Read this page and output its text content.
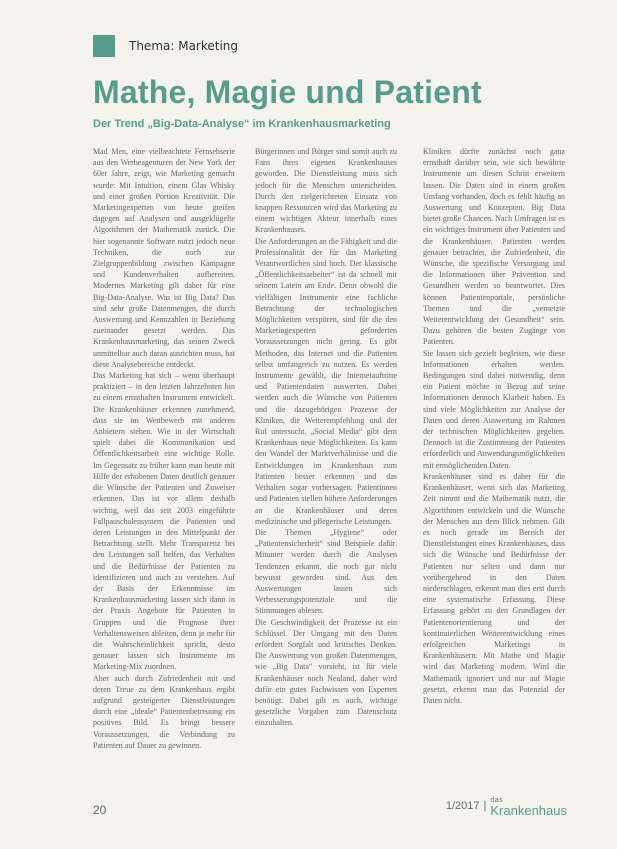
Thema: Marketing
Mathe, Magie und Patient
Der Trend „Big-Data-Analyse“ im Krankenhausmarketing

Mad Men, eine vielbeachtete Fernsehserie aus den Werbeagenturen der New York der 60er Jahre, zeigt, wie Marketing gemacht wurde: Mit Intuition, einem Glas Whisky und einer großen Portion Kreativität. Die Marketingexperten von heute greifen dagegen auf Analysen und ausgeklügelte Algorithmen der Mathematik zurück. Die hier sogenannte Software nutzt jedoch neue Techniken, die noch zur Zielgruppenbildung zwischen Kampagne und Kundenverhalten aufbereiten. Modernes Marketing gilt daher für eine Big-Data-Analyse. Was ist Big Data? Das sind sehr große Datenmengen, die durch Auswertung und Kennzahlen in Beziehung zueinander gesetzt werden. Das Krankenhausmarketing, das seinen Zweck unmittelbar auch daran ausrichten muss, hat diese Analysebereiche entdeckt.

Das Marketing hat sich – wenn überhaupt praktiziert – in den letzten Jahrzehnten hin zu einem ernsthaften Instrument entwickelt. Die Krankenhäuser erkennen zunehmend, dass sie im Wettbewerb mit anderen Anbietern stehen. Wie in der Wirtschaft spielt dabei die Kommunikation und Öffentlichkeitsarbeit eine wichtige Rolle. Im Gegensatz zu früher kann man heute mit Hilfe der erhobenen Daten deutlich genauer die Wünsche der Patienten und Zuweiser erkennen. Das ist vor allem deshalb wichtig, weil das seit 2003 eingeführte Fallpauschalensystem die Patienten und deren Leistungen in den Mittelpunkt der Betrachtung stellt. Mehr Transparenz bei den Leistungen soll helfen, das Verhalten und die Bedürfnisse der Patienten zu identifizieren und auch zu verstehen. Auf der Basis der Erkenntnisse im Krankenhausmarketing lassen sich dann in der Praxis Angebote für Patienten in Gruppen und die Prognose ihrer Verhaltensweisen ableiten, denn je mehr für die Wahrscheinlichkeit spricht, desto genauer lassen sich Instrumente im Marketing-Mix zuordnen.

Aber auch durch Zufriedenheit mit und deren Treue zu dem Krankenhaus ergibt aufgrund gesteigerter Dienstleistungen durch eine „ideale“ Patientenbetreuung ein positives Bild. Es bringt bessere Voraussetzungen, die Verbindung zu Patienten auf Dauer zu gewinnen.

Bürgerinnen und Bürger sind somit auch zu Fans ihres eigenen Krankenhauses geworden. Die Dienstleistung muss sich jedoch für die Menschen unterscheiden. Durch den zielgerichteten Einsatz von knappen Ressourcen wird das Marketing zu einem wichtigen Akteur innerhalb eines Krankenhauses.

Die Anforderungen an die Fähigkeit und die Professionalität der für das Marketing Verantwortlichen sind hoch. Der klassische „Öffentlichkeitsarbeiter“ ist da schnell mit seinem Latein am Ende. Denn obwohl die vielfältigen Instrumente eine fachliche Betrachtung der technologischen Möglichkeiten verspüren, sind für die den Marketingexperten geforderten Voraussetzungen nicht gering. Es gibt Methoden, das Internet und die Patienten selbst umfangreich zu nutzen. Es werden Instrumente gewählt, die Internetauftritte und Patientendaten auswerten. Dabei werden auch die Wünsche von Patienten und die dazugehörigen Prozesse der Kliniken, die Weiterempfehlung und der Ruf untersucht. „Social Media“ gibt dem Krankenhaus neue Möglichkeiten. Es kann den Wandel der Marktverhältnisse und die Entwicklungen im Krankenhaus zum Patienten besser erkennen und das Verhalten sogar vorhersagen. Patientinnen und Patienten stellen höhere Anforderungen an die Krankenhäuser und deren medizinische und pflegerische Leistungen.

Die Themen „Hygiene“ oder „Patientensicherheit“ sind Beispiele dafür. Mitunter werden durch die Analysen Tendenzen erkannt, die noch gar nicht bewusst geworden sind. Aus den Auswertungen lassen sich Verbesserungspotenziale und die Stimmungen ablesen.

Die Geschwindigkeit der Prozesse ist ein Schlüssel. Der Umgang mit den Daten erfordert Sorgfalt und kritisches Denken. Die Auswertung von großen Datenmengen, wie „Big Data“ vorsieht, ist für viele Krankenhäuser noch Neuland, daher wird dafür ein gutes Fachwissen von Experten benötigt. Dabei gilt es auch, wichtige gesetzliche Vorgaben zum Datenschutz einzuhalten.

Kliniken dürfte zunächst noch ganz ernsthaft darüber sein, wie sich bewährte Instrumente um diesen Schritt erweitern lassen. Die Daten sind in einem großen Umfang vorhanden, doch es fehlt häufig an Auswertung und Konzepten. Big Data bietet große Chancen. Nach Umfragen ist es ein wichtiges Instrument über Patienten und die Krankenhäuser. Patienten werden genauer betrachtet, die Zufriedenheit, die Wünsche, die spezifische Versorgung und die Informationen über Prävention und Gesundheit werden so beantwortet. Dies können Patientenportale, persönliche Themen und die „vernetzte Weiterentwicklung der Gesundheit“ sein. Dazu gehören die besten Zugänge von Patienten.

Sie lassen sich gezielt begleiten, wie diese Informationen erhalten werden. Bedingungen sind dabei notwendig, denn ein Patient möchte in Bezug auf seine Informationen dennoch Klarheit haben. Es sind viele Möglichkeiten zur Analyse der Daten und deren Auswertung im Rahmen der technischen Möglichkeiten gegeben. Dennoch ist die Zustimmung der Patienten erforderlich und Anwendungsmöglichkeiten mit ermöglichenden Daten.

Krankenhäuser sind es daher für die Krankenhäuser, wenn sich das Marketing Zeit nimmt und die Mathematik nutzt, die Algorithmen entwickeln und die Wünsche der Menschen aus dem Blick nehmen. Gilt es noch gerade im Bereich der Dienstleistungen eines Krankenhauses, dass sich die Wünsche und Bedürfnisse der Patienten nur selten und dann nur vorübergehend in den Daten niederschlagen, erkennt man dies erst durch eine systematische Erfassung. Diese Erfassung gehört zu den Grundlagen der Patientenorientierung und der kontinuierlichen Weiterentwicklung eines erfolgreichen Marketings in Krankenhäusern. Mit Mathe und Magie wird das Marketing modern. Wird die Mathematik ignoriert und nur auf Magie gesetzt, erkennt man das Potenzial der Daten nicht.

20	1/2017 | das
Krankenhaus
